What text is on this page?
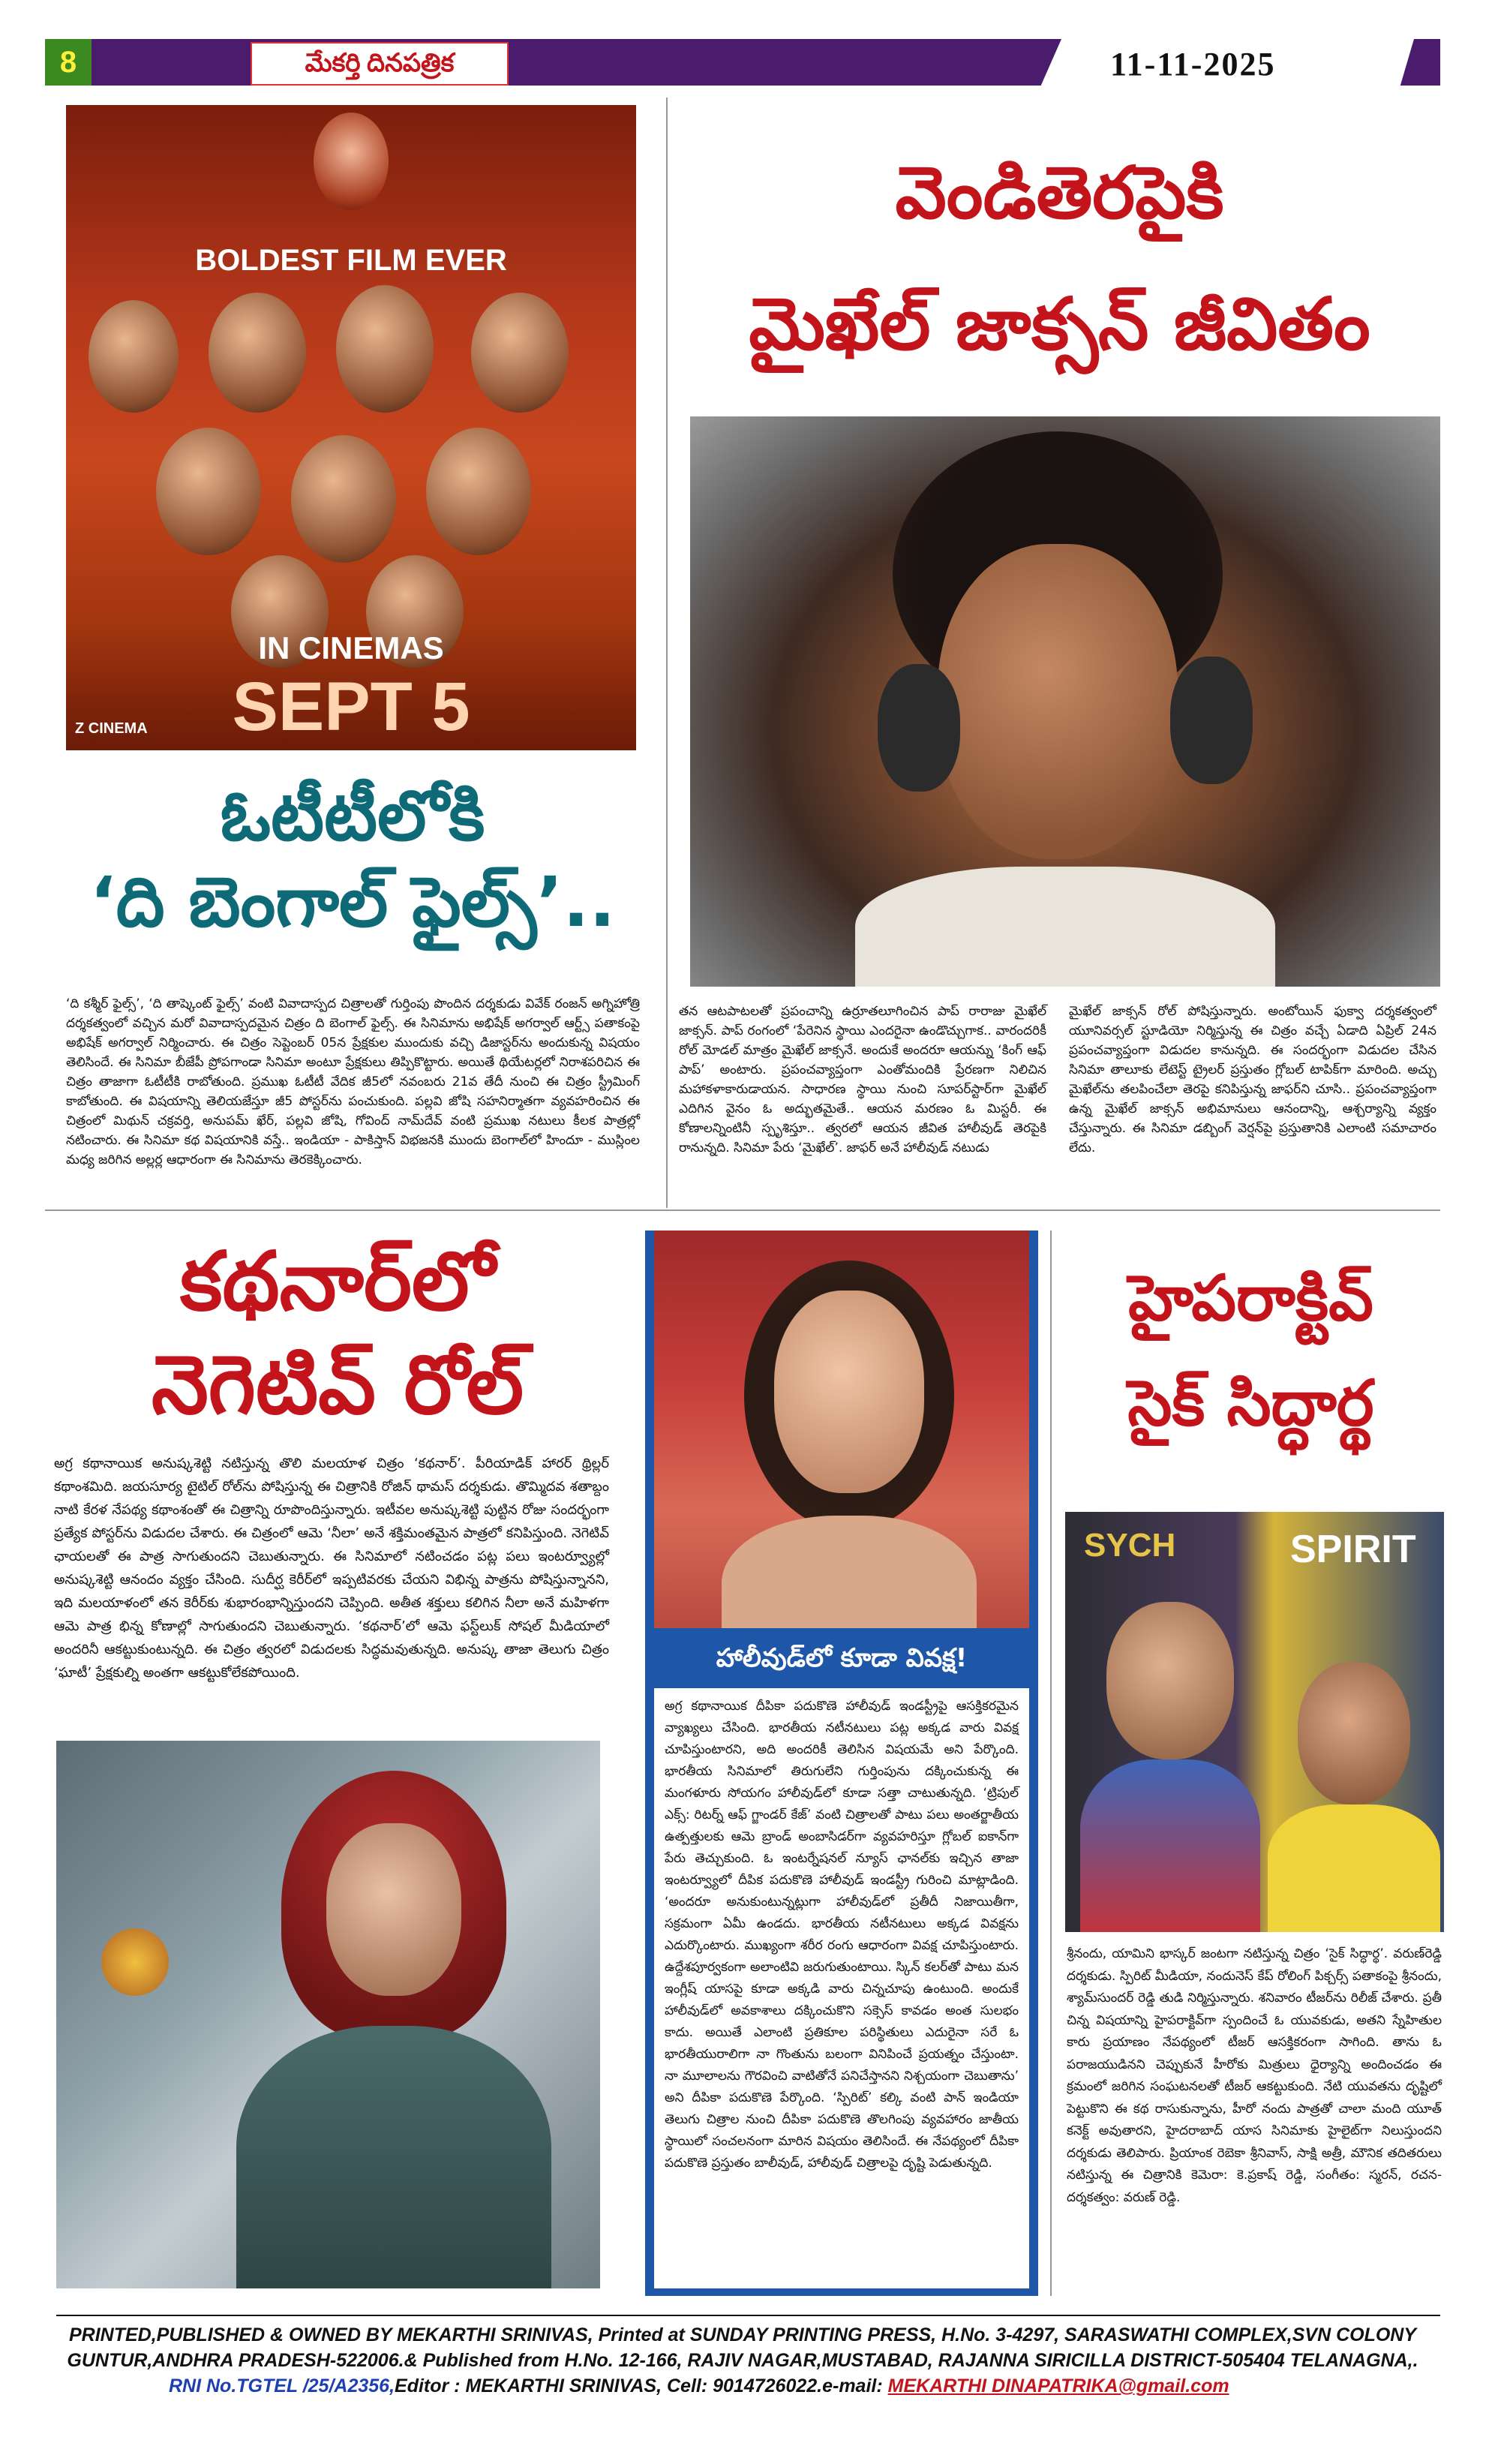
8	మేకర్తి దినపత్రిక	11-11-2025
BOLDEST FILM EVER
IN CINEMAS
SEPT 5
Z CINEMA
ఓటీటీలోకి
‘ది బెంగాల్ ఫైల్స్’..
‘ది కశ్మీర్ ఫైల్స్’, ‘ది తాష్కెంట్ ఫైల్స్’ వంటి వివాదాస్పద చిత్రాలతో గుర్తింపు పొందిన దర్శకుడు వివేక్ రంజన్ అగ్నిహోత్రి దర్శకత్వంలో వచ్చిన మరో వివాదాస్పదమైన చిత్రం ది బెంగాల్ ఫైల్స్. ఈ సినిమాను అభిషేక్ అగర్వాల్ ఆర్ట్స్ పతాకంపై అభిషేక్ అగర్వాల్ నిర్మించారు. ఈ చిత్రం సెప్టెంబర్ 05న ప్రేక్షకుల ముందుకు వచ్చి డిజాస్టర్‌ను అందుకున్న విషయం తెలిసిందే. ఈ సినిమా బీజేపీ ప్రోపగాండా సినిమా అంటూ ప్రేక్షకులు తిప్పికొట్టారు. అయితే థియేటర్లలో నిరాశపరిచిన ఈ చిత్రం తాజాగా ఓటీటీకి రాబోతుంది. ప్రముఖ ఓటీటీ వేదిక జీ5లో నవంబరు 21వ తేదీ నుంచి ఈ చిత్రం స్ట్రీమింగ్ కాబోతుంది. ఈ విషయాన్ని తెలియజేస్తూ జీ5 పోస్టర్‌ను పంచుకుంది. పల్లవి జోషి సహనిర్మాతగా వ్యవహరించిన ఈ చిత్రంలో మిథున్ చక్రవర్తి, అనుపమ్ ఖేర్, పల్లవి జోషి, గోవింద్ నామ్‌దేవ్ వంటి ప్రముఖ నటులు కీలక పాత్రల్లో నటించారు. ఈ సినిమా కథ విషయానికి వస్తే.. ఇండియా - పాకిస్తాన్ విభజనకి ముందు బెంగాల్‌లో హిందూ - ముస్లింల మధ్య జరిగిన అల్లర్ల ఆధారంగా ఈ సినిమాను తెరకెక్కించారు.
వెండితెరపైకి
మైఖేల్ జాక్సన్ జీవితం
తన ఆటపాటలతో ప్రపంచాన్ని ఉర్రూతలూగించిన పాప్ రారాజు మైఖేల్ జాక్సన్. పాప్ రంగంలో ‘పేరెనిన స్థాయి ఎందరైనా ఉండొచ్చుగాక.. వారందరికీ రోల్ మోడల్ మాత్రం మైఖేల్ జాక్సనే. అందుకే అందరూ ఆయన్ను ‘కింగ్ ఆఫ్ పాప్’ అంటారు. ప్రపంచవ్యాప్తంగా ఎంతోమందికి ప్రేరణగా నిలిచిన మహాకళాకారుడాయన. సాధారణ స్థాయి నుంచి సూపర్‌స్టార్‌గా మైఖేల్ ఎదిగిన వైనం ఓ అద్భుతమైతే.. ఆయన మరణం ఓ మిస్టరీ. ఈ కోణాలన్నింటినీ స్పృశిస్తూ.. త్వరలో ఆయన జీవిత హాలీవుడ్ తెరపైకి రానున్నది. సినిమా పేరు ‘మైఖేల్’. జాఫర్ అనే హాలీవుడ్ నటుడు
మైఖేల్ జాక్సన్ రోల్ పోషిస్తున్నారు. అంటోయిన్ ఫుక్వా దర్శకత్వంలో యూనివర్సల్ స్టూడియో నిర్మిస్తున్న ఈ చిత్రం వచ్చే ఏడాది ఏప్రిల్ 24న ప్రపంచవ్యాప్తంగా విడుదల కానున్నది. ఈ సందర్భంగా విడుదల చేసిన సినిమా తాలూకు లేటెస్ట్ ట్రైలర్ ప్రస్తుతం గ్లోబల్ టాపిక్‌గా మారింది. అచ్చు మైఖేల్‌ను తలపించేలా తెరపై కనిపిస్తున్న జాఫర్‌ని చూసి.. ప్రపంచవ్యాప్తంగా ఉన్న మైఖేల్ జాక్సన్ అభిమానులు ఆనందాన్ని, ఆశ్చర్యాన్ని వ్యక్తం చేస్తున్నారు. ఈ సినిమా డబ్బింగ్ వెర్షన్‌పై ప్రస్తుతానికి ఎలాంటి సమాచారం లేదు.
కథనార్‌లో
నెగెటివ్ రోల్
అగ్ర కథానాయిక అనుష్కశెట్టి నటిస్తున్న తొలి మలయాళ చిత్రం ‘కథనార్’. పీరియాడిక్ హారర్ థ్రిల్లర్ కథాంశమిది. జయసూర్య టైటిల్ రోల్‌ను పోషిస్తున్న ఈ చిత్రానికి రోజిన్ థామస్ దర్శకుడు. తొమ్మిదవ శతాబ్దం నాటి కేరళ నేపథ్య కథాంశంతో ఈ చిత్రాన్ని రూపొందిస్తున్నారు. ఇటీవల అనుష్కశెట్టి పుట్టిన రోజు సందర్భంగా ప్రత్యేక పోస్టర్‌ను విడుదల చేశారు. ఈ చిత్రంలో ఆమె ‘నీలా’ అనే శక్తిమంతమైన పాత్రలో కనిపిస్తుంది. నెగెటివ్ ఛాయలతో ఈ పాత్ర సాగుతుందని చెబుతున్నారు. ఈ సినిమాలో నటించడం పట్ల పలు ఇంటర్వ్యూల్లో అనుష్కశెట్టి ఆనందం వ్యక్తం చేసింది. సుదీర్ఘ కెరీర్‌లో ఇప్పటివరకు చేయని విభిన్న పాత్రను పోషిస్తున్నానని, ఇది మలయాళంలో తన కెరీర్‌కు శుభారంభాన్నిస్తుందని చెప్పింది. అతీత శక్తులు కలిగిన నీలా అనే మహిళగా ఆమె పాత్ర భిన్న కోణాల్లో సాగుతుందని చెబుతున్నారు. ‘కథనార్’లో ఆమె ఫస్ట్‌లుక్ సోషల్ మీడియాలో అందరినీ ఆకట్టుకుంటున్నది. ఈ చిత్రం త్వరలో విడుదలకు సిద్ధమవుతున్నది. అనుష్క తాజా తెలుగు చిత్రం ‘ఘాటీ’ ప్రేక్షకుల్ని అంతగా ఆకట్టుకోలేకపోయింది.	హాలీవుడ్‌లో కూడా వివక్ష!
అగ్ర కథానాయిక దీపికా పదుకొణె హాలీవుడ్ ఇండస్ట్రీపై ఆసక్తికరమైన వ్యాఖ్యలు చేసింది. భారతీయ నటీనటులు పట్ల అక్కడ వారు వివక్ష చూపిస్తుంటారని, అది అందరికీ తెలిసిన విషయమే అని పేర్కొంది. భారతీయ సినిమాలో తిరుగులేని గుర్తింపును దక్కించుకున్న ఈ మంగళూరు సోయగం హాలీవుడ్‌లో కూడా సత్తా చాటుతున్నది. ‘ట్రిపుల్ ఎక్స్: రిటర్న్ ఆఫ్ గ్జాండర్ కేజ్’ వంటి చిత్రాలతో పాటు పలు అంతర్జాతీయ ఉత్పత్తులకు ఆమె బ్రాండ్ అంబాసిడర్‌గా వ్యవహరిస్తూ గ్లోబల్ ఐకాన్‌గా పేరు తెచ్చుకుంది. ఓ ఇంటర్నేషనల్ న్యూస్ ఛానల్‌కు ఇచ్చిన తాజా ఇంటర్వ్యూలో దీపిక పదుకొణె హాలీవుడ్ ఇండస్ట్రీ గురించి మాట్లాడింది. ‘అందరూ అనుకుంటున్నట్లుగా హాలీవుడ్‌లో ప్రతీదీ నిజాయితీగా, సక్రమంగా ఏమీ ఉండదు. భారతీయ నటీనటులు అక్కడ వివక్షను ఎదుర్కొంటారు. ముఖ్యంగా శరీర రంగు ఆధారంగా వివక్ష చూపిస్తుంటారు. ఉద్దేశపూర్వకంగా అలాంటివి జరుగుతుంటాయి. స్కిన్ కలర్‌తో పాటు మన ఇంగ్లీష్ యాసపై కూడా అక్కడి వారు చిన్నచూపు ఉంటుంది. అందుకే హాలీవుడ్‌లో అవకాశాలు దక్కించుకొని సక్సెస్ కావడం అంత సులభం కాదు. అయితే ఎలాంటి ప్రతికూల పరిస్థితులు ఎదురైనా సరే ఓ భారతీయురాలిగా నా గొంతును బలంగా వినిపించే ప్రయత్నం చేస్తుంటా. నా మూలాలను గౌరవించి వాటితోనే పనిచేస్తానని నిశ్చయంగా చెబుతాను’ అని దీపికా పదుకొణె పేర్కొంది. ‘స్పిరిట్’ కల్కి వంటి పాన్ ఇండియా తెలుగు చిత్రాల నుంచి దీపికా పదుకొణె తొలగింపు వ్యవహారం జాతీయ స్థాయిలో సంచలనంగా మారిన విషయం తెలిసిందే. ఈ నేపథ్యంలో దీపికా పదుకొణె ప్రస్తుతం బాలీవుడ్, హాలీవుడ్ చిత్రాలపై దృష్టి పెడుతున్నది.
హైపరాక్టివ్
సైక్ సిద్ధార్థ
SYCH	SPIRIT
శ్రీనందు, యామిని భాస్కర్ జంటగా నటిస్తున్న చిత్రం ‘సైక్ సిద్ధార్థ’. వరుణ్‌రెడ్డి దర్శకుడు. స్పిరిట్ మీడియా, నందునెస్ కేప్ రోలింగ్ పిక్చర్స్ పతాకంపై శ్రీనందు, శ్యామ్‌సుందర్ రెడ్డి తుడి నిర్మిస్తున్నారు. శనివారం టీజర్‌ను రిలీజ్ చేశారు. ప్రతీ చిన్న విషయాన్ని హైపరాక్టివ్‌గా స్పందించే ఓ యువకుడు, అతని స్నేహితుల కారు ప్రయాణం నేపథ్యంలో టీజర్ ఆసక్తికరంగా సాగింది. తాను ఓ పరాజయుడినని చెప్పుకునే హీరోకు మిత్రులు ధైర్యాన్ని అందించడం ఈ క్రమంలో జరిగిన సంఘటనలతో టీజర్ ఆకట్టుకుంది. నేటి యువతను దృష్టిలో పెట్టుకొని ఈ కథ రాసుకున్నాను, హీరో నందు పాత్రతో చాలా మంది యూత్ కనెక్ట్ అవుతారని, హైదరాబాద్ యాస సినిమాకు హైలైట్‌గా నిలుస్తుందని దర్శకుడు తెలిపారు. ప్రియాంక రెబెకా శ్రీనివాస్, సాక్షి అత్రీ, మౌనిక తదితరులు నటిస్తున్న ఈ చిత్రానికి కెమెరా: కె.ప్రకాష్ రెడ్డి, సంగీతం: స్మరన్, రచన-దర్శకత్వం: వరుణ్ రెడ్డి.
PRINTED,PUBLISHED & OWNED BY MEKARTHI SRINIVAS, Printed at SUNDAY PRINTING PRESS, H.No. 3-4297, SARASWATHI COMPLEX,SVN COLONY
GUNTUR,ANDHRA PRADESH-522006.& Published from H.No. 12-166, RAJIV NAGAR,MUSTABAD, RAJANNA SIRICILLA DISTRICT-505404 TELANAGNA,.
RNI No.TGTEL /25/A2356,Editor : MEKARTHI SRINIVAS, Cell: 9014726022.e-mail: MEKARTHI DINAPATRIKA@gmail.com
